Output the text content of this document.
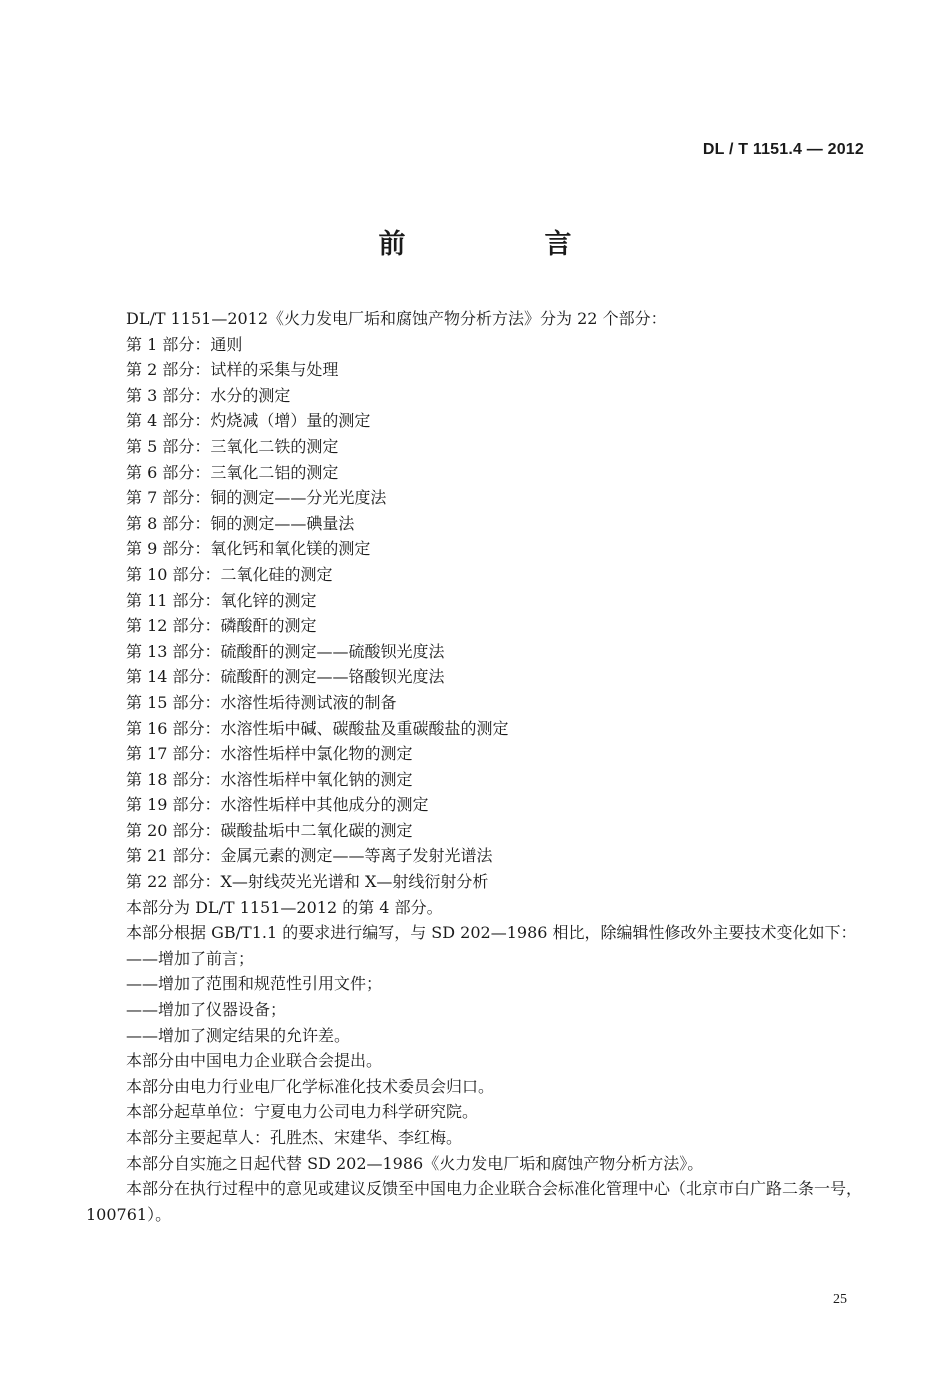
DL / T 1151.4 — 2012
前　言
DL/T 1151—2012《火力发电厂垢和腐蚀产物分析方法》分为 22 个部分：
第 1 部分：通则
第 2 部分：试样的采集与处理
第 3 部分：水分的测定
第 4 部分：灼烧减（增）量的测定
第 5 部分：三氧化二铁的测定
第 6 部分：三氧化二铝的测定
第 7 部分：铜的测定——分光光度法
第 8 部分：铜的测定——碘量法
第 9 部分：氧化钙和氧化镁的测定
第 10 部分：二氧化硅的测定
第 11 部分：氧化锌的测定
第 12 部分：磷酸酐的测定
第 13 部分：硫酸酐的测定——硫酸钡光度法
第 14 部分：硫酸酐的测定——铬酸钡光度法
第 15 部分：水溶性垢待测试液的制备
第 16 部分：水溶性垢中碱、碳酸盐及重碳酸盐的测定
第 17 部分：水溶性垢样中氯化物的测定
第 18 部分：水溶性垢样中氧化钠的测定
第 19 部分：水溶性垢样中其他成分的测定
第 20 部分：碳酸盐垢中二氧化碳的测定
第 21 部分：金属元素的测定——等离子发射光谱法
第 22 部分：X—射线荧光光谱和 X—射线衍射分析
本部分为 DL/T 1151—2012 的第 4 部分。
本部分根据 GB/T1.1 的要求进行编写，与 SD 202—1986 相比，除编辑性修改外主要技术变化如下：
——增加了前言；
——增加了范围和规范性引用文件；
——增加了仪器设备；
——增加了测定结果的允许差。
本部分由中国电力企业联合会提出。
本部分由电力行业电厂化学标准化技术委员会归口。
本部分起草单位：宁夏电力公司电力科学研究院。
本部分主要起草人：孔胜杰、宋建华、李红梅。
本部分自实施之日起代替 SD 202—1986《火力发电厂垢和腐蚀产物分析方法》。
本部分在执行过程中的意见或建议反馈至中国电力企业联合会标准化管理中心（北京市白广路二条一号，100761）。
25
